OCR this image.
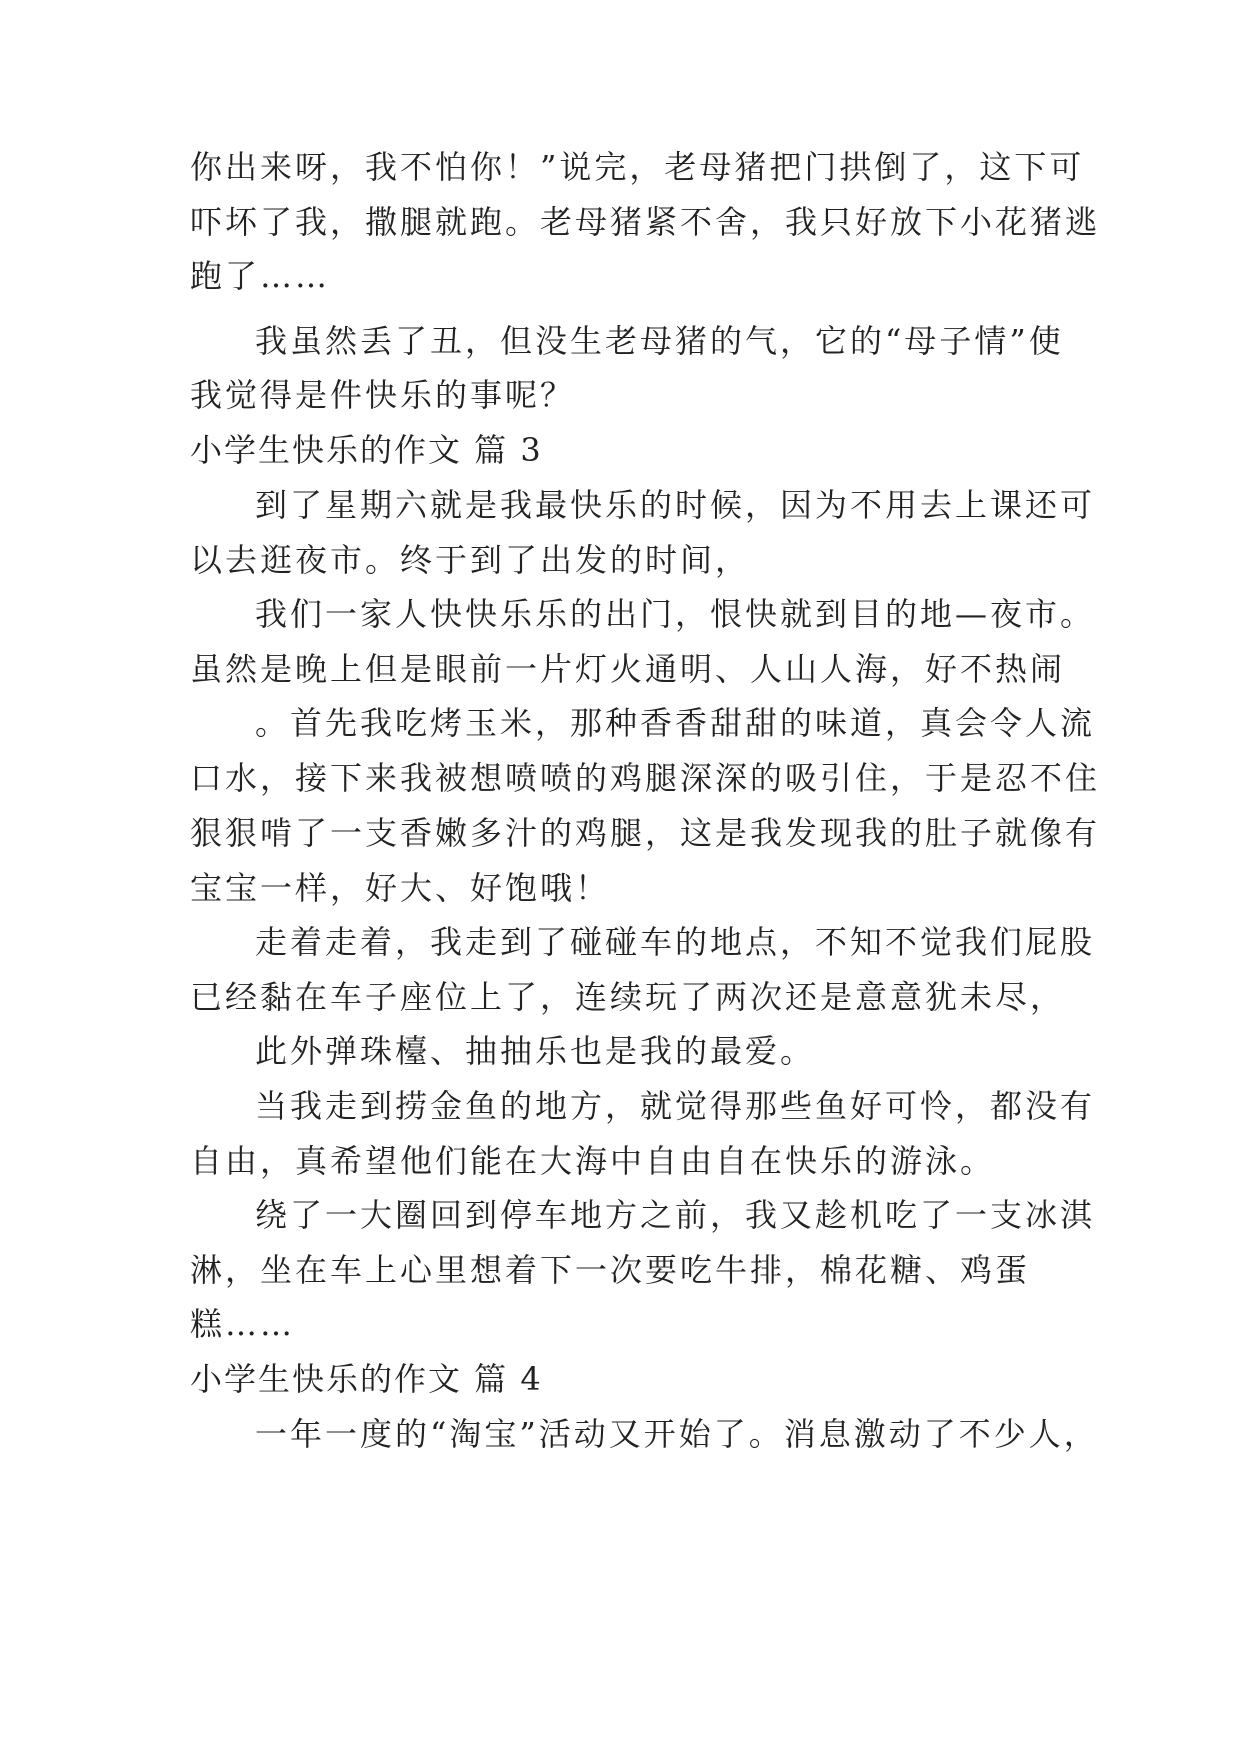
你出来呀，我不怕你！”说完，老母猪把门拱倒了，这下可
吓坏了我，撒腿就跑。老母猪紧不舍，我只好放下小花猪逃
跑了……
我虽然丢了丑，但没生老母猪的气，它的“母子情”使
我觉得是件快乐的事呢？
小学生快乐的作文 篇 3
到了星期六就是我最快乐的时候，因为不用去上课还可
以去逛夜市。终于到了出发的时间，
我们一家人快快乐乐的出门，恨快就到目的地—夜市。
虽然是晚上但是眼前一片灯火通明、人山人海，好不热闹
。首先我吃烤玉米，那种香香甜甜的味道，真会令人流
口水，接下来我被想喷喷的鸡腿深深的吸引住，于是忍不住
狠狠啃了一支香嫩多汁的鸡腿，这是我发现我的肚子就像有
宝宝一样，好大、好饱哦！
走着走着，我走到了碰碰车的地点，不知不觉我们屁股
已经黏在车子座位上了，连续玩了两次还是意意犹未尽，
此外弹珠檯、抽抽乐也是我的最爱。
当我走到捞金鱼的地方，就觉得那些鱼好可怜，都没有
自由，真希望他们能在大海中自由自在快乐的游泳。
绕了一大圈回到停车地方之前，我又趁机吃了一支冰淇
淋，坐在车上心里想着下一次要吃牛排，棉花糖、鸡蛋
糕……
小学生快乐的作文 篇 4
一年一度的“淘宝”活动又开始了。消息激动了不少人，
